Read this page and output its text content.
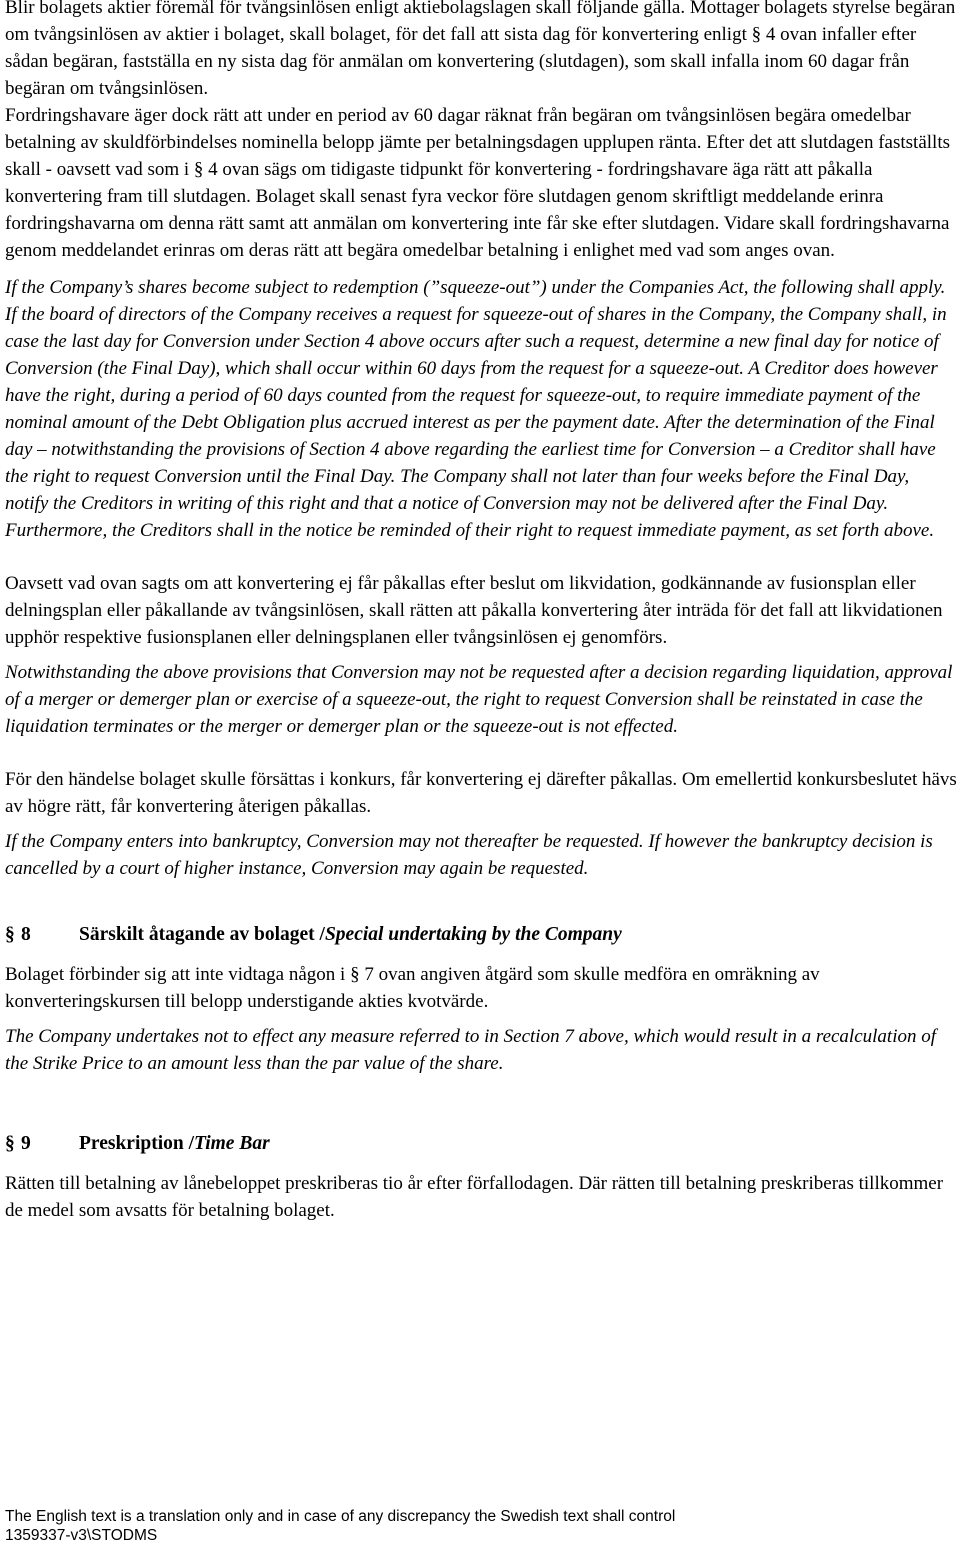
Blir bolagets aktier föremål för tvångsinlösen enligt aktiebolagslagen skall följande gälla. Mottager bolagets styrelse begäran om tvångsinlösen av aktier i bolaget, skall bolaget, för det fall att sista dag för konvertering enligt § 4 ovan infaller efter sådan begäran, fastställa en ny sista dag för anmälan om konvertering (slutdagen), som skall infalla inom 60 dagar från begäran om tvångsinlösen.

Fordringshavare äger dock rätt att under en period av 60 dagar räknat från begäran om tvångsinlösen begära omedelbar betalning av skuldförbindelses nominella belopp jämte per betalningsdagen upplupen ränta. Efter det att slutdagen fastställts skall - oavsett vad som i § 4 ovan sägs om tidigaste tidpunkt för konvertering - fordringshavare äga rätt att påkalla konvertering fram till slutdagen. Bolaget skall senast fyra veckor före slutdagen genom skriftligt meddelande erinra fordringshavarna om denna rätt samt att anmälan om konvertering inte får ske efter slutdagen. Vidare skall fordringshavarna genom meddelandet erinras om deras rätt att begära omedelbar betalning i enlighet med vad som anges ovan.

If the Company’s shares become subject to redemption (”squeeze-out”) under the Companies Act, the following shall apply. If the board of directors of the Company receives a request for squeeze-out of shares in the Company, the Company shall, in case the last day for Conversion under Section 4 above occurs after such a request, determine a new final day for notice of Conversion (the Final Day), which shall occur within 60 days from the request for a squeeze-out. A Creditor does however have the right, during a period of 60 days counted from the request for squeeze-out, to require immediate payment of the nominal amount of the Debt Obligation plus accrued interest as per the payment date. After the determination of the Final day – notwithstanding the provisions of Section 4 above regarding the earliest time for Conversion – a Creditor shall have the right to request Conversion until the Final Day. The Company shall not later than four weeks before the Final Day, notify the Creditors in writing of this right and that a notice of Conversion may not be delivered after the Final Day. Furthermore, the Creditors shall in the notice be reminded of their right to request immediate payment, as set forth above.

Oavsett vad ovan sagts om att konvertering ej får påkallas efter beslut om likvidation, godkännande av fusionsplan eller delningsplan eller påkallande av tvångsinlösen, skall rätten att påkalla konvertering åter inträda för det fall att likvidationen upphör respektive fusionsplanen eller delningsplanen eller tvångsinlösen ej genomförs.

Notwithstanding the above provisions that Conversion may not be requested after a decision regarding liquidation, approval of a merger or demerger plan or exercise of a squeeze-out, the right to request Conversion shall be reinstated in case the liquidation terminates or the merger or demerger plan or the squeeze-out is not effected.

För den händelse bolaget skulle försättas i konkurs, får konvertering ej därefter påkallas. Om emellertid konkursbeslutet hävs av högre rätt, får konvertering återigen påkallas.

If the Company enters into bankruptcy, Conversion may not thereafter be requested. If however the bankruptcy decision is cancelled by a court of higher instance, Conversion may again be requested.

§ 8	Särskilt åtagande av bolaget / Special undertaking by the Company

Bolaget förbinder sig att inte vidtaga någon i § 7 ovan angiven åtgärd som skulle medföra en omräkning av konverteringskursen till belopp understigande akties kvotvärde.

The Company undertakes not to effect any measure referred to in Section 7 above, which would result in a recalculation of the Strike Price to an amount less than the par value of the share.

§ 9	Preskription / Time Bar

Rätten till betalning av lånebeloppet preskriberas tio år efter förfallodagen. Där rätten till betalning preskriberas tillkommer de medel som avsatts för betalning bolaget.

The English text is a translation only and in case of any discrepancy the Swedish text shall control
1359337-v3\STODMS
